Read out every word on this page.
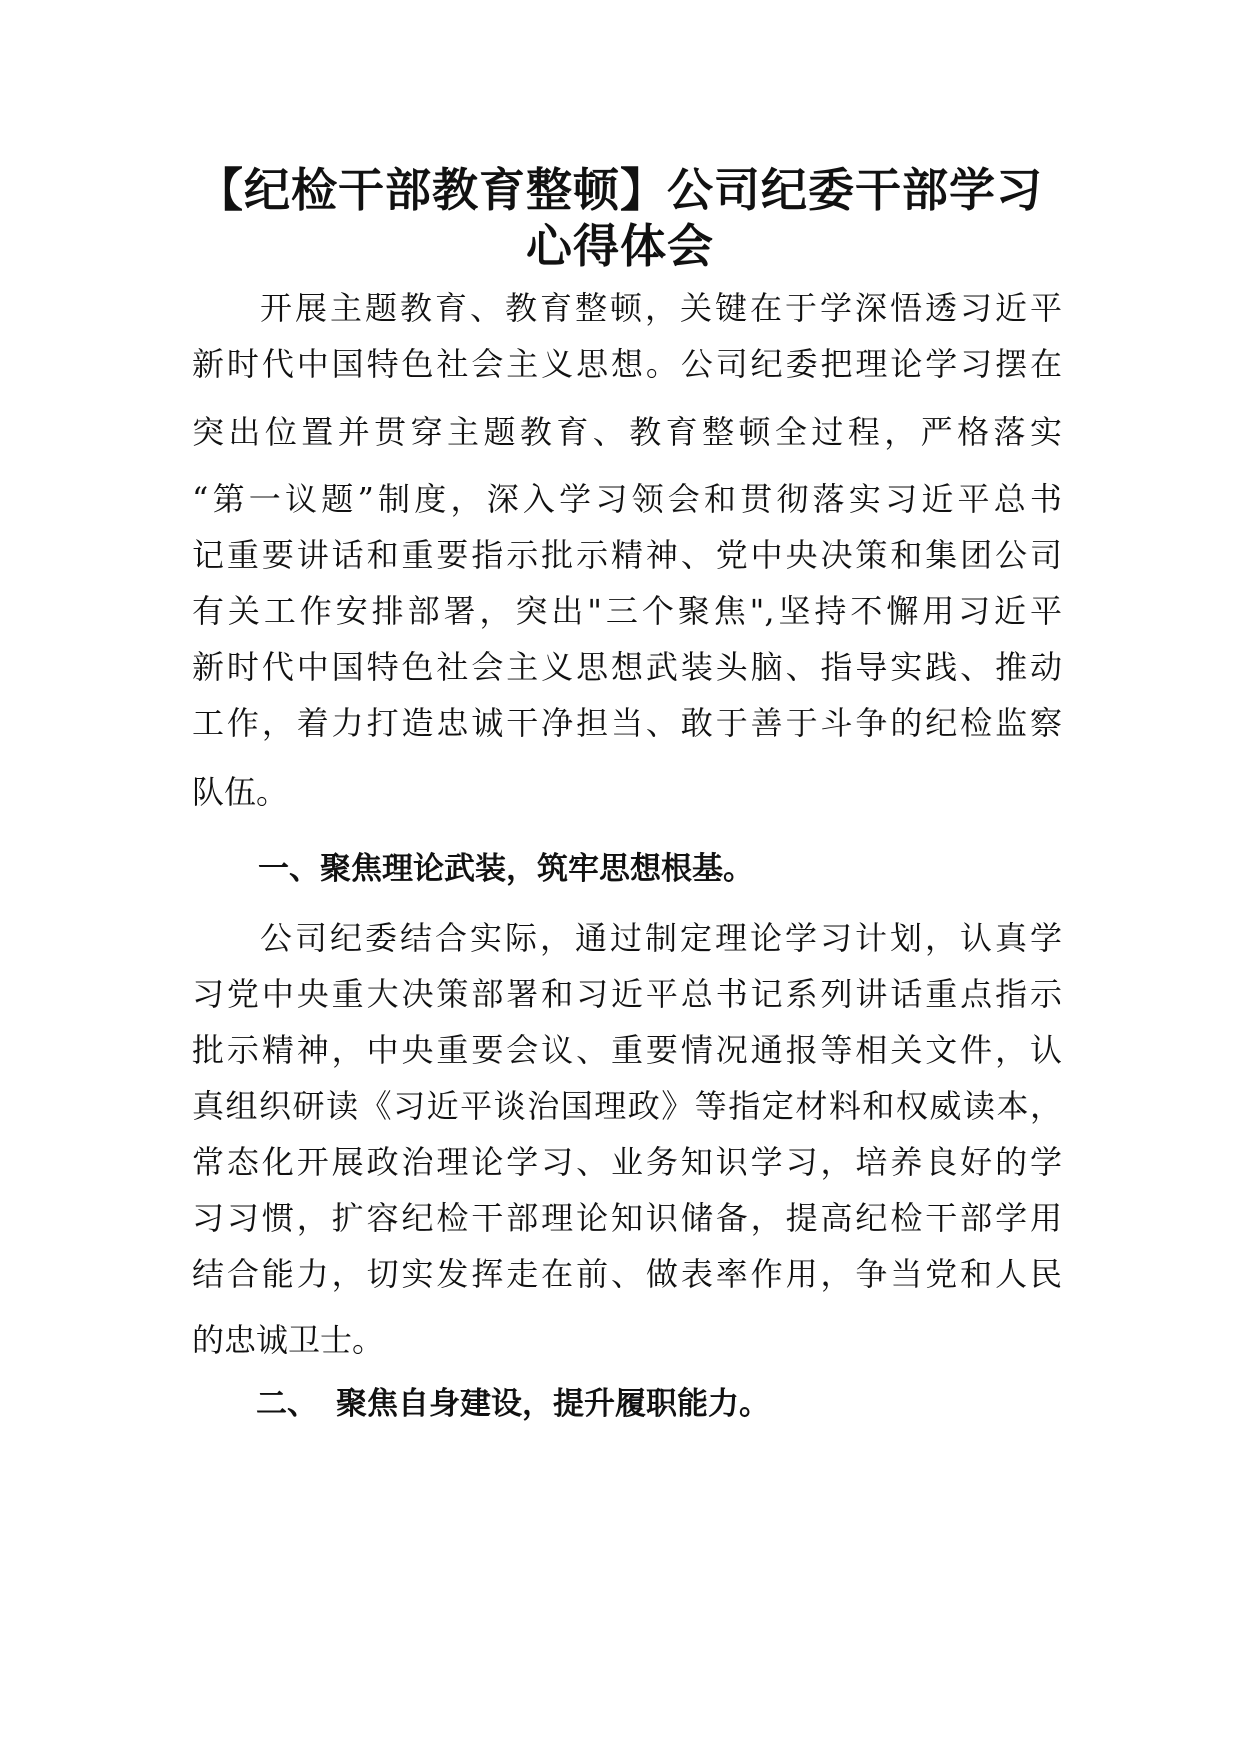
【纪检干部教育整顿】公司纪委干部学习
心得体会
开展主题教育、教育整顿，关键在于学深悟透习近平
新时代中国特色社会主义思想。公司纪委把理论学习摆在
突出位置并贯穿主题教育、教育整顿全过程，严格落实
“第一议题”制度，深入学习领会和贯彻落实习近平总书
记重要讲话和重要指示批示精神、党中央决策和集团公司
有关工作安排部署，突出"三个聚焦",坚持不懈用习近平
新时代中国特色社会主义思想武装头脑、指导实践、推动
工作，着力打造忠诚干净担当、敢于善于斗争的纪检监察
队伍。
一、聚焦理论武装，筑牢思想根基。
公司纪委结合实际，通过制定理论学习计划，认真学
习党中央重大决策部署和习近平总书记系列讲话重点指示
批示精神，中央重要会议、重要情况通报等相关文件，认
真组织研读《习近平谈治国理政》等指定材料和权威读本，
常态化开展政治理论学习、业务知识学习，培养良好的学
习习惯，扩容纪检干部理论知识储备，提高纪检干部学用
结合能力，切实发挥走在前、做表率作用，争当党和人民
的忠诚卫士。
二、 聚焦自身建设，提升履职能力。
